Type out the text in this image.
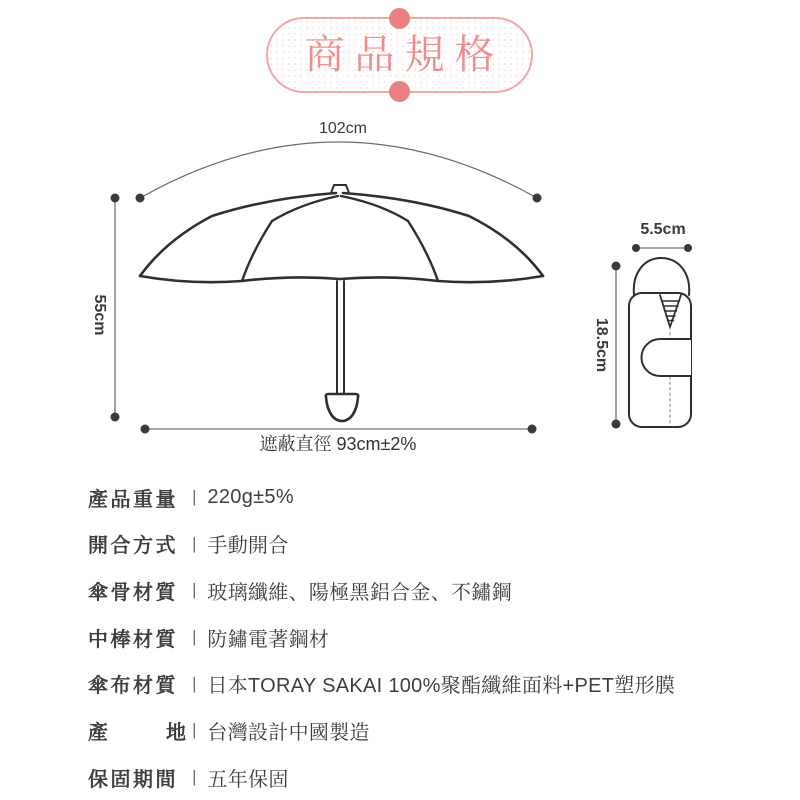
商品規格
102cm
55cm
遮蔽直徑 93cm±2%
5.5cm
18.5cm
產品重量 | 220g±5%
開合方式 | 手動開合
傘骨材質 | 玻璃纖維、陽極黑鋁合金、不鏽鋼
中棒材質 | 防鏽電著鋼材
傘布材質 | 日本TORAY SAKAI 100%聚酯纖維面料+PET塑形膜
產地 | 台灣設計中國製造
保固期間 | 五年保固
